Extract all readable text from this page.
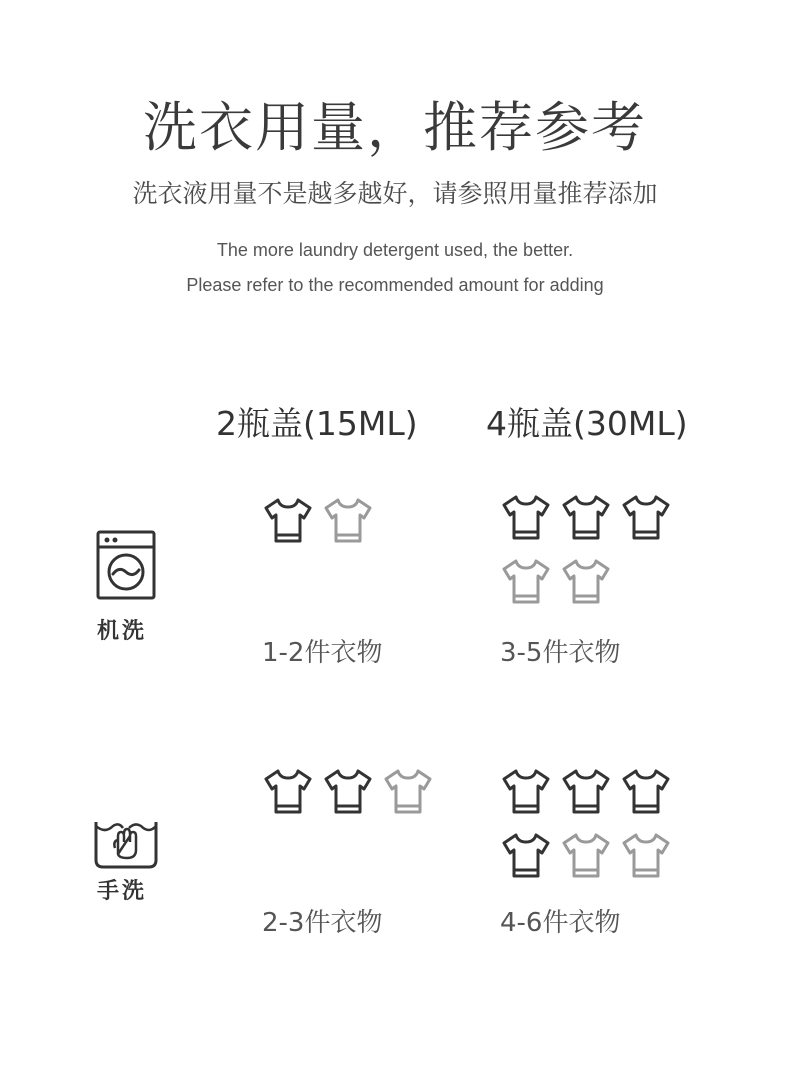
洗衣用量，推荐参考
洗衣液用量不是越多越好，请参照用量推荐添加
The more laundry detergent used, the better.
Please refer to the recommended amount for adding
2瓶盖(15ML) 4瓶盖(30ML)
机洗
1-2件衣物	3-5件衣物
手洗
2-3件衣物	4-6件衣物
